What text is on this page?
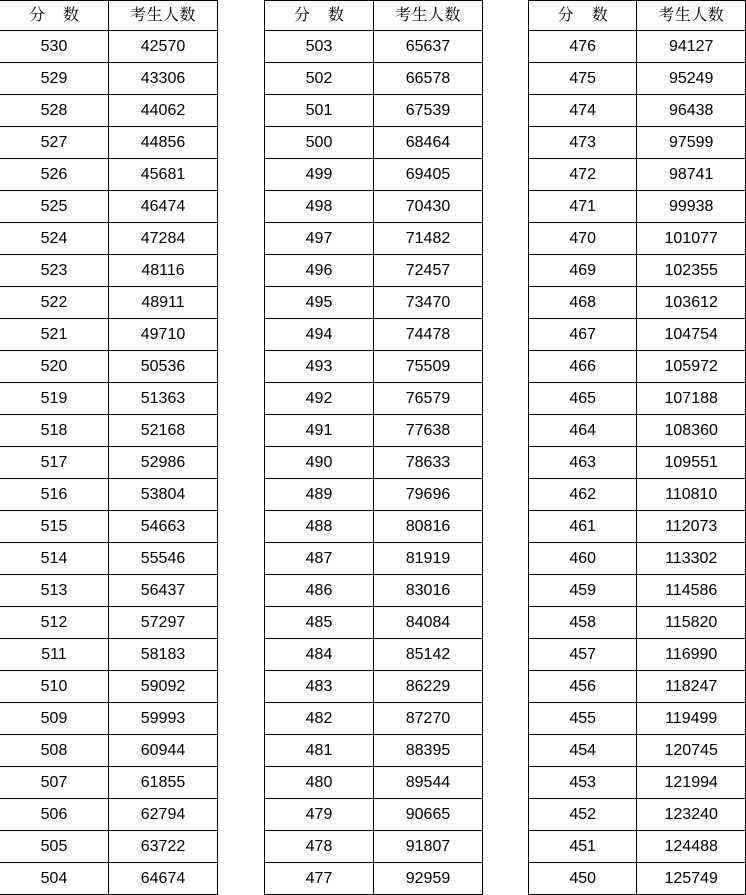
分 数	考生人数
530	42570
529	43306
528	44062
527	44856
526	45681
525	46474
524	47284
523	48116
522	48911
521	49710
520	50536
519	51363
518	52168
517	52986
516	53804
515	54663
514	55546
513	56437
512	57297
511	58183
510	59092
509	59993
508	60944
507	61855
506	62794
505	63722
504	64674
分 数	考生人数
503	65637
502	66578
501	67539
500	68464
499	69405
498	70430
497	71482
496	72457
495	73470
494	74478
493	75509
492	76579
491	77638
490	78633
489	79696
488	80816
487	81919
486	83016
485	84084
484	85142
483	86229
482	87270
481	88395
480	89544
479	90665
478	91807
477	92959
分 数	考生人数
476	94127
475	95249
474	96438
473	97599
472	98741
471	99938
470	101077
469	102355
468	103612
467	104754
466	105972
465	107188
464	108360
463	109551
462	110810
461	112073
460	113302
459	114586
458	115820
457	116990
456	118247
455	119499
454	120745
453	121994
452	123240
451	124488
450	125749
